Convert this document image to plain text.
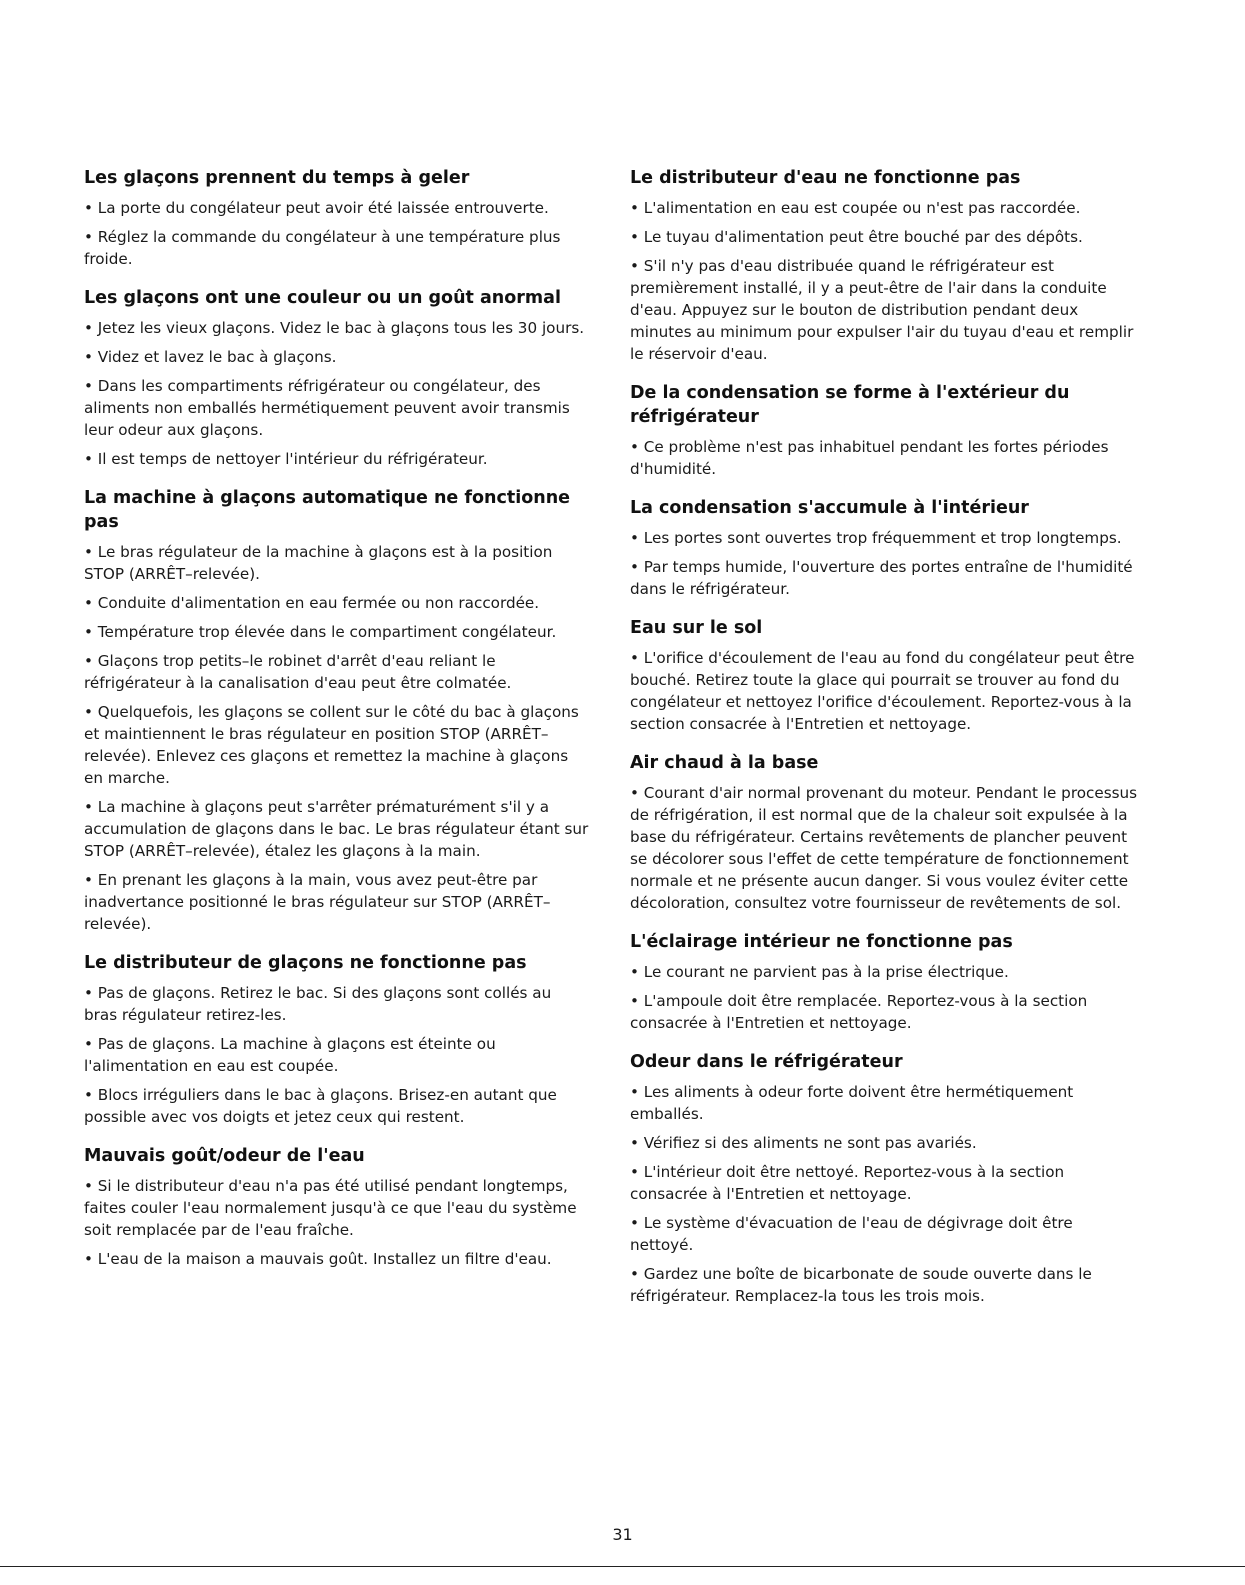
Les glaçons prennent du temps à geler

• La porte du congélateur peut avoir été laissée entrouverte.

• Réglez la commande du congélateur à une température plus froide.

Les glaçons ont une couleur ou un goût anormal

• Jetez les vieux glaçons. Videz le bac à glaçons tous les 30 jours.

• Videz et lavez le bac à glaçons.

• Dans les compartiments réfrigérateur ou congélateur, des aliments non emballés hermétiquement peuvent avoir transmis leur odeur aux glaçons.

• Il est temps de nettoyer l'intérieur du réfrigérateur.

La machine à glaçons automatique ne fonctionne pas

• Le bras régulateur de la machine à glaçons est à la position STOP (ARRÊT–relevée).

• Conduite d'alimentation en eau fermée ou non raccordée.

• Température trop élevée dans le compartiment congélateur.

• Glaçons trop petits–le robinet d'arrêt d'eau reliant le réfrigérateur à la canalisation d'eau peut être colmatée.

• Quelquefois, les glaçons se collent sur le côté du bac à glaçons et maintiennent le bras régulateur en position STOP (ARRÊT–relevée). Enlevez ces glaçons et remettez la machine à glaçons en marche.

• La machine à glaçons peut s'arrêter prématurément s'il y a accumulation de glaçons dans le bac. Le bras régulateur étant sur STOP (ARRÊT–relevée), étalez les glaçons à la main.

• En prenant les glaçons à la main, vous avez peut-être par inadvertance positionné le bras régulateur sur STOP (ARRÊT–relevée).

Le distributeur de glaçons ne fonctionne pas

• Pas de glaçons. Retirez le bac. Si des glaçons sont collés au bras régulateur retirez-les.

• Pas de glaçons. La machine à glaçons est éteinte ou l'alimentation en eau est coupée.

• Blocs irréguliers dans le bac à glaçons. Brisez-en autant que possible avec vos doigts et jetez ceux qui restent.

Mauvais goût/odeur de l'eau

• Si le distributeur d'eau n'a pas été utilisé pendant longtemps, faites couler l'eau normalement jusqu'à ce que l'eau du système soit remplacée par de l'eau fraîche.

• L'eau de la maison a mauvais goût. Installez un filtre d'eau.

Le distributeur d'eau ne fonctionne pas

• L'alimentation en eau est coupée ou n'est pas raccordée.

• Le tuyau d'alimentation peut être bouché par des dépôts.

• S'il n'y pas d'eau distribuée quand le réfrigérateur est premièrement installé, il y a peut-être de l'air dans la conduite d'eau. Appuyez sur le bouton de distribution pendant deux minutes au minimum pour expulser l'air du tuyau d'eau et remplir le réservoir d'eau.

De la condensation se forme à l'extérieur du réfrigérateur

• Ce problème n'est pas inhabituel pendant les fortes périodes d'humidité.

La condensation s'accumule à l'intérieur

• Les portes sont ouvertes trop fréquemment et trop longtemps.

• Par temps humide, l'ouverture des portes entraîne de l'humidité dans le réfrigérateur.

Eau sur le sol

• L'orifice d'écoulement de l'eau au fond du congélateur peut être bouché. Retirez toute la glace qui pourrait se trouver au fond du congélateur et nettoyez l'orifice d'écoulement. Reportez-vous à la section consacrée à l'Entretien et nettoyage.

Air chaud à la base

• Courant d'air normal provenant du moteur. Pendant le processus de réfrigération, il est normal que de la chaleur soit expulsée à la base du réfrigérateur. Certains revêtements de plancher peuvent se décolorer sous l'effet de cette température de fonctionnement normale et ne présente aucun danger. Si vous voulez éviter cette décoloration, consultez votre fournisseur de revêtements de sol.

L'éclairage intérieur ne fonctionne pas

• Le courant ne parvient pas à la prise électrique.

• L'ampoule doit être remplacée. Reportez-vous à la section consacrée à l'Entretien et nettoyage.

Odeur dans le réfrigérateur

• Les aliments à odeur forte doivent être hermétiquement emballés.

• Vérifiez si des aliments ne sont pas avariés.

• L'intérieur doit être nettoyé. Reportez-vous à la section consacrée à l'Entretien et nettoyage.

• Le système d'évacuation de l'eau de dégivrage doit être nettoyé.

• Gardez une boîte de bicarbonate de soude ouverte dans le réfrigérateur. Remplacez-la tous les trois mois.

31
